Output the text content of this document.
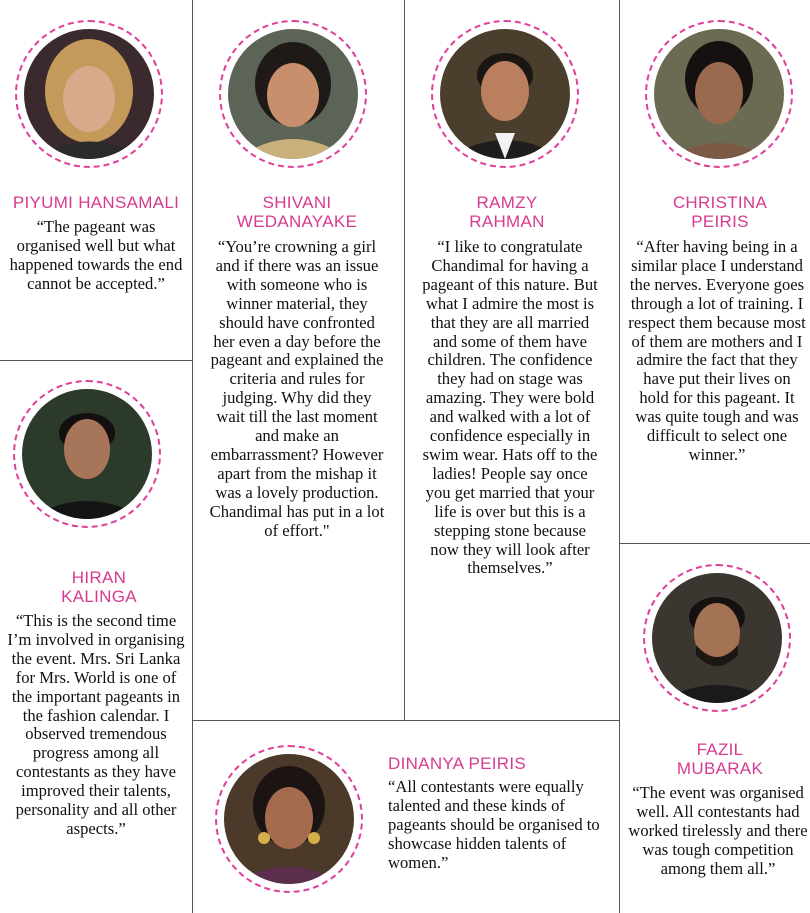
PIYUMI HANSAMALI
“The pageant was organised well but what happened towards the end cannot be accepted.”
SHIVANI WEDANAYAKE
“You’re crowning a girl and if there was an issue with someone who is winner material, they should have confronted her even a day before the pageant and explained the criteria and rules for judging. Why did they wait till the last moment and make an embarrassment? However apart from the mishap it was a lovely production. Chandimal has put in a lot of effort."
RAMZY RAHMAN
“I like to congratulate Chandimal for having a pageant of this nature. But what I admire the most is that they are all married and some of them have children. The confidence they had on stage was amazing. They were bold and walked with a lot of confidence especially in swim wear. Hats off to the ladies! People say once you get married that your life is over but this is a stepping stone because now they will look after themselves.”
CHRISTINA PEIRIS
“After having being in a similar place I understand the nerves. Everyone goes through a lot of training. I respect them because most of them are mothers and I admire the fact that they have put their lives on hold for this pageant. It was quite tough and was difficult to select one winner.”
HIRAN KALINGA
“This is the second time I’m involved in organising the event. Mrs. Sri Lanka for Mrs. World is one of the important pageants in the fashion calendar. I observed tremendous progress among all contestants as they have improved their talents, personality and all other aspects.”
DINANYA PEIRIS
“All contestants were equally talented and these kinds of pageants should be organised to showcase hidden talents of women.”
FAZIL MUBARAK
“The event was organised well. All contestants had worked tirelessly and there was tough competition among them all.”
